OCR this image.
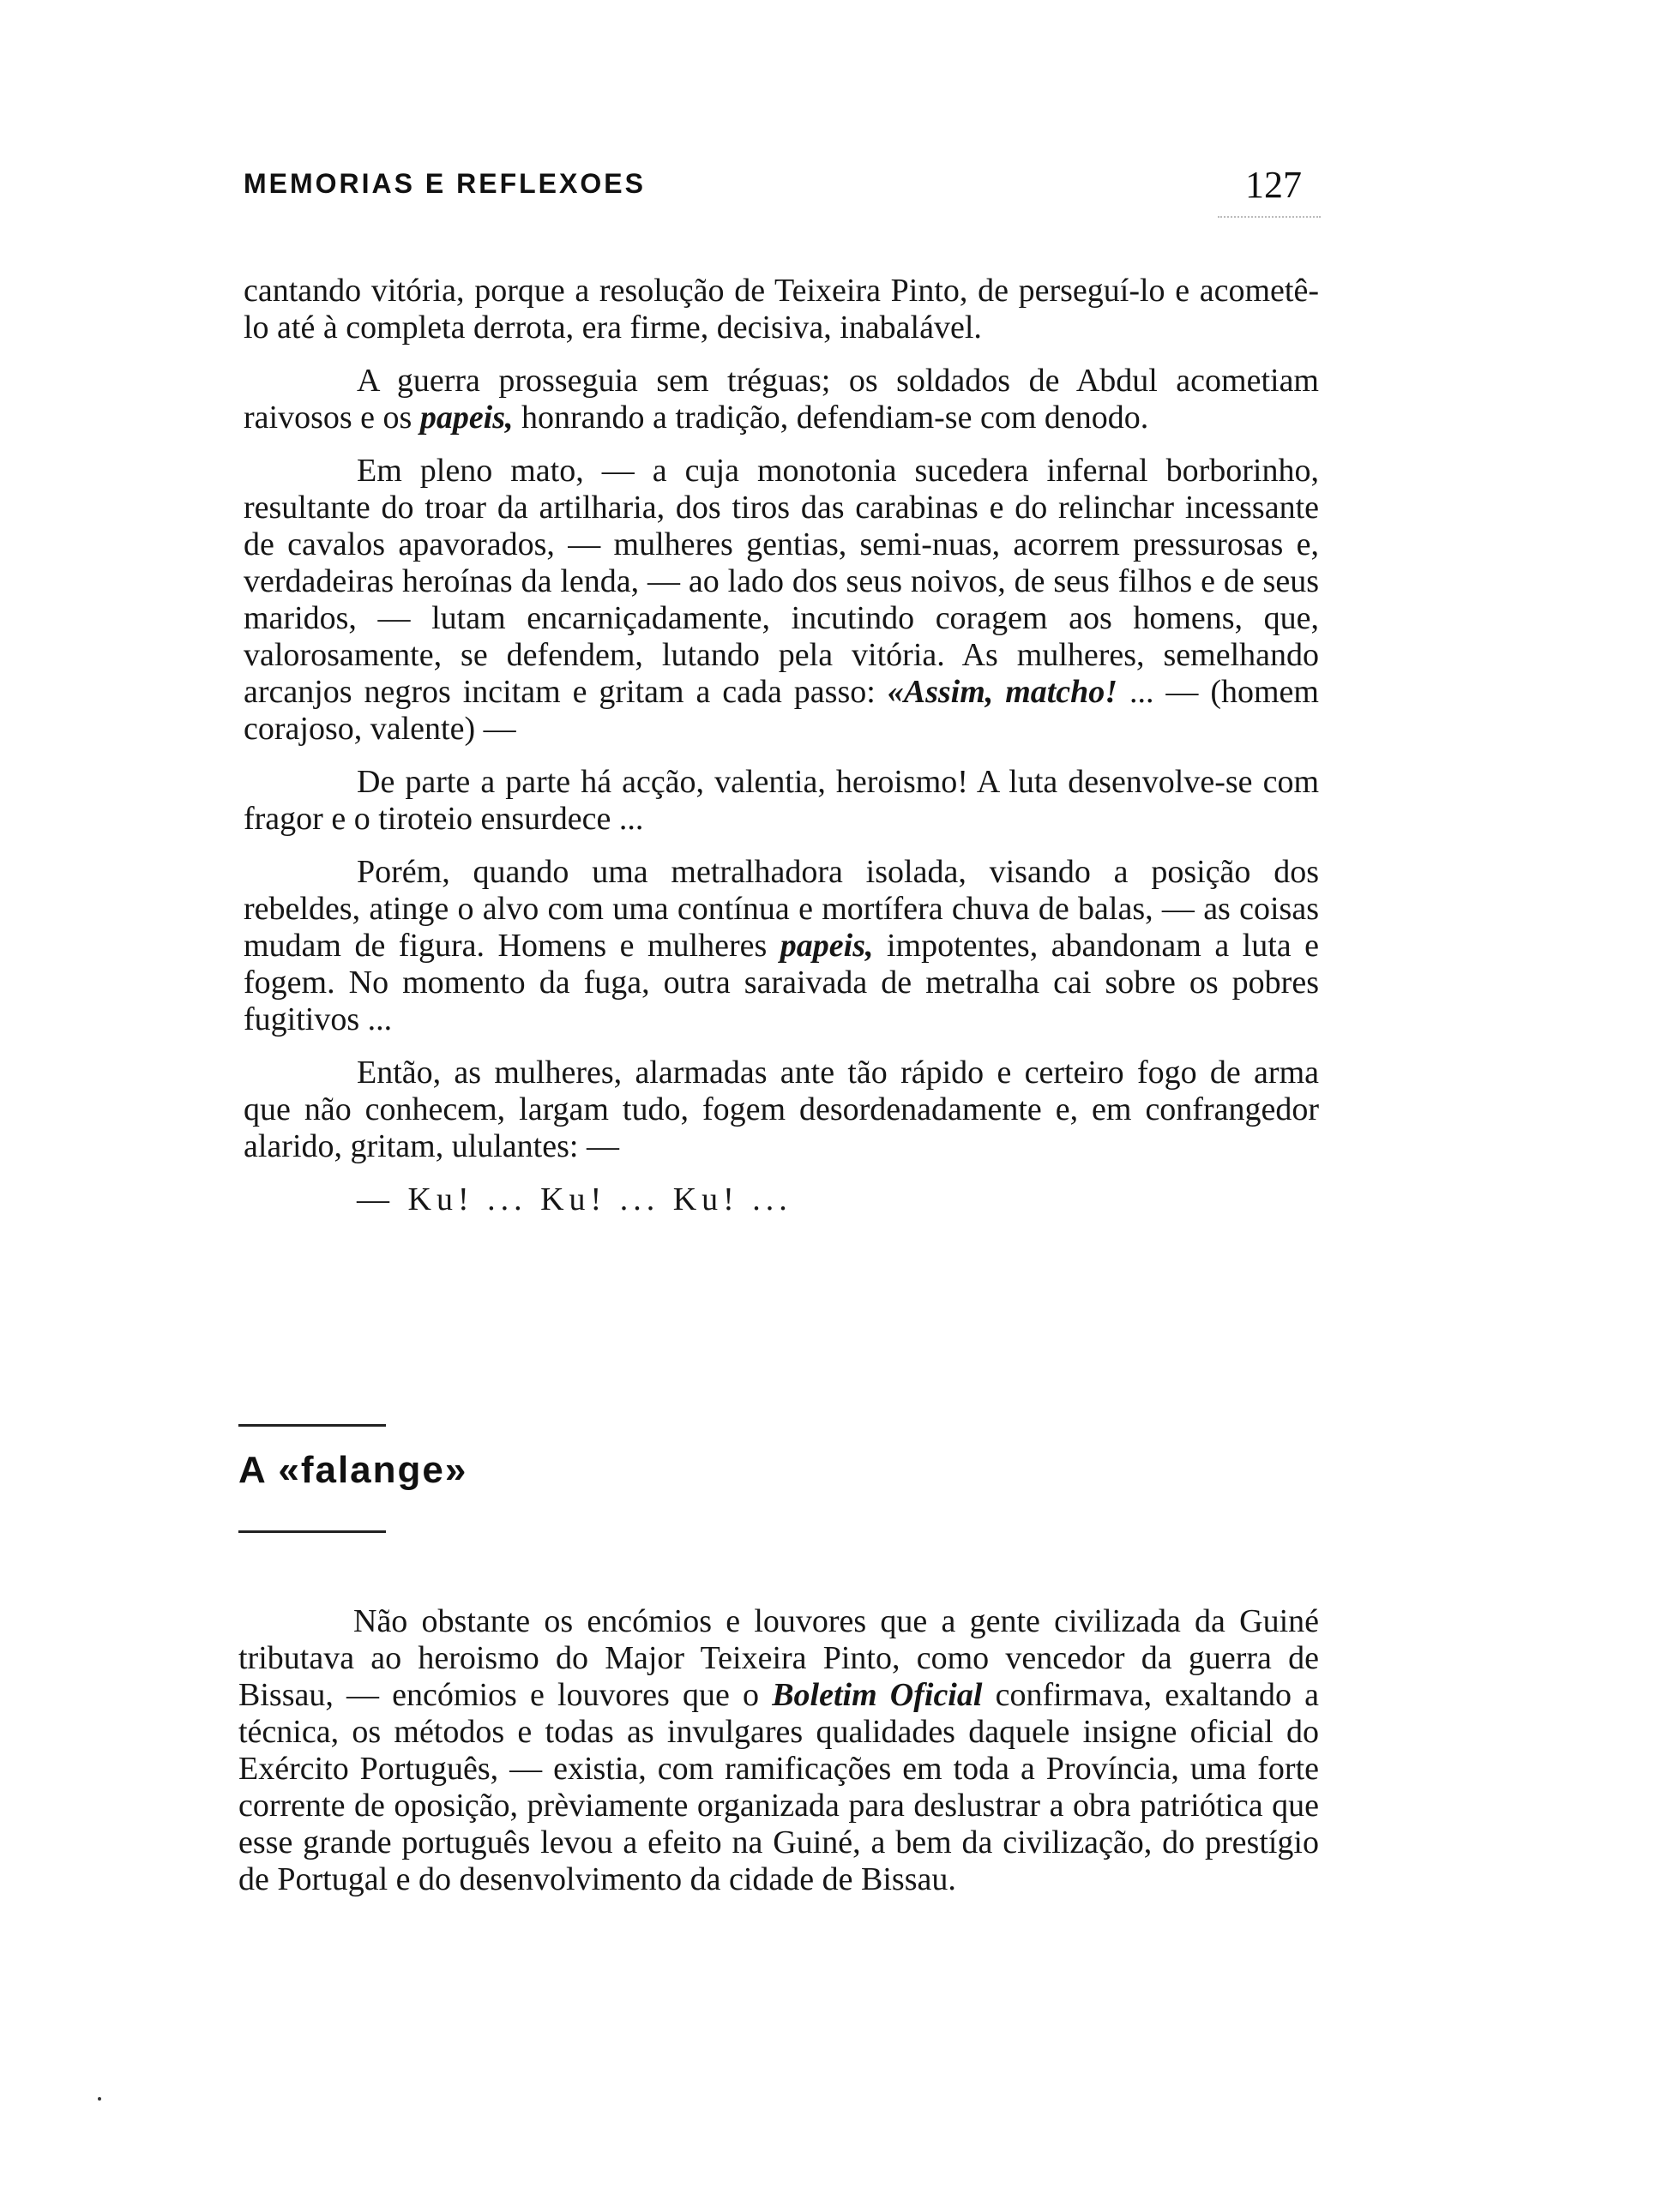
MEMORIAS E REFLEXOES	127

cantando vitória, porque a resolução de Teixeira Pinto, de perseguí-lo e acometê-lo até à completa derrota, era firme, decisiva, inabalável.

A guerra prosseguia sem tréguas; os soldados de Abdul acometiam raivosos e os papeis, honrando a tradição, defendiam-se com denodo.

Em pleno mato, — a cuja monotonia sucedera infernal borborinho, resultante do troar da artilharia, dos tiros das carabinas e do relinchar incessante de cavalos apavorados, — mulheres gentias, semi-nuas, acorrem pressurosas e, verdadeiras heroínas da lenda, — ao lado dos seus noivos, de seus filhos e de seus maridos, — lutam encarniçadamente, incutindo coragem aos homens, que, valorosamente, se defendem, lutando pela vitória. As mulheres, semelhando arcanjos negros incitam e gritam a cada passo: «Assim, matcho! ... — (homem corajoso, valente) —

De parte a parte há acção, valentia, heroismo! A luta desenvolve-se com fragor e o tiroteio ensurdece ...

Porém, quando uma metralhadora isolada, visando a posição dos rebeldes, atinge o alvo com uma contínua e mortífera chuva de balas, — as coisas mudam de figura. Homens e mulheres papeis, impotentes, abandonam a luta e fogem. No momento da fuga, outra saraivada de metralha cai sobre os pobres fugitivos ...

Então, as mulheres, alarmadas ante tão rápido e certeiro fogo de arma que não conhecem, largam tudo, fogem desordenadamente e, em confrangedor alarido, gritam, ululantes: —

— Ku! ... Ku! ... Ku! ...
A «falange»

Não obstante os encómios e louvores que a gente civilizada da Guiné tributava ao heroismo do Major Teixeira Pinto, como vencedor da guerra de Bissau, — encómios e louvores que o Boletim Oficial confirmava, exaltando a técnica, os métodos e todas as invulgares qualidades daquele insigne oficial do Exército Português, — existia, com ramificações em toda a Província, uma forte corrente de oposição, prèviamente organizada para deslustrar a obra patriótica que esse grande português levou a efeito na Guiné, a bem da civilização, do prestígio de Portugal e do desenvolvimento da cidade de Bissau.
